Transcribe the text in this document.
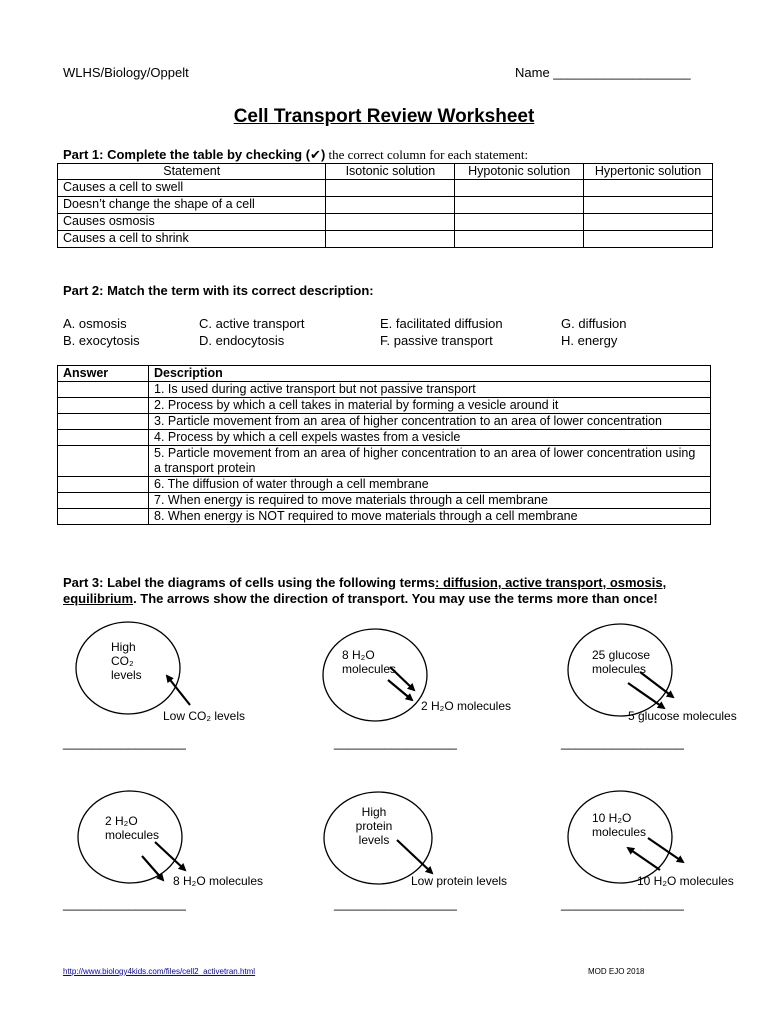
WLHS/Biology/Oppelt	Name ___________________
Cell Transport Review Worksheet
Part 1: Complete the table by checking (✔) the correct column for each statement:
Statement	Isotonic solution	Hypotonic solution	Hypertonic solution
Causes a cell to swell			
Doesn’t change the shape of a cell			
Causes osmosis			
Causes a cell to shrink			
Part 2: Match the term with its correct description:
A. osmosis	C. active transport	E. facilitated diffusion	G. diffusion
B. exocytosis	D. endocytosis	F. passive transport	H. energy
Answer	Description
	1. Is used during active transport but not passive transport
	2. Process by which a cell takes in material by forming a vesicle around it
	3. Particle movement from an area of higher concentration to an area of lower concentration
	4. Process by which a cell expels wastes from a vesicle
	5. Particle movement from an area of higher concentration to an area of lower concentration using a transport protein
	6. The diffusion of water through a cell membrane
	7. When energy is required to move materials through a cell membrane
	8. When energy is NOT required to move materials through a cell membrane
Part 3: Label the diagrams of cells using the following terms: diffusion, active transport, osmosis, equilibrium. The arrows show the direction of transport. You may use the terms more than once!
High
CO₂
levels
Low CO₂ levels
_________________
8 H₂O
molecules
2 H₂O molecules
_________________
25 glucose
molecules
5 glucose molecules
_________________
2 H₂O
molecules
8 H₂O molecules
_________________
High
protein
levels
Low protein levels
_________________
10 H₂O
molecules
10 H₂O molecules
_________________
http://www.biology4kids.com/files/cell2_activetran.html	MOD EJO 2018
